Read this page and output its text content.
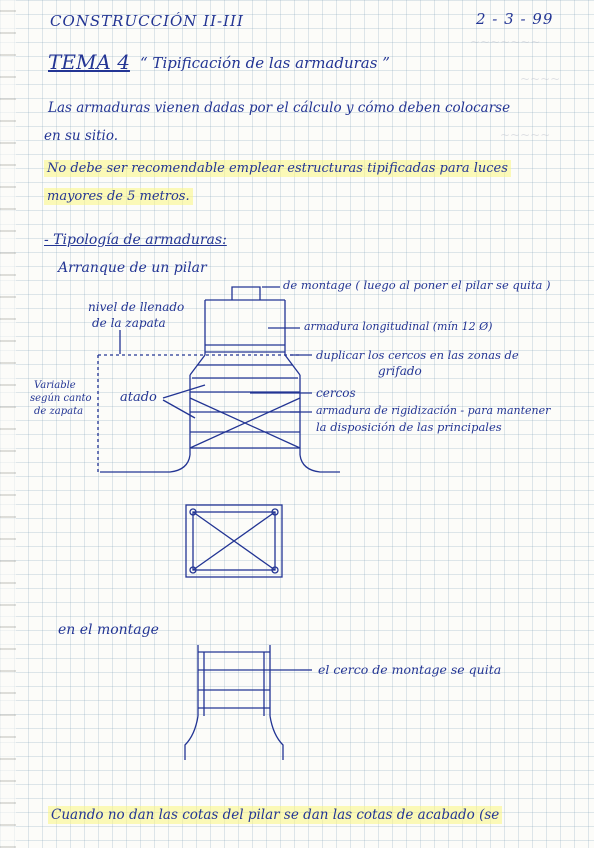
~~~~~~~
~~~~
~~~~~
CONSTRUCCIÓN II-III	2 - 3 - 99
TEMA 4 “ Tipificación de las armaduras ”
Las armaduras vienen dadas por el cálculo y cómo deben colocarse
en su sitio.
No debe ser recomendable emplear estructuras tipificadas para luces
mayores de 5 metros.
- Tipología de armaduras:
Arranque de un pilar
de montage ( luego al poner el pilar se quita )
nivel de llenado
de la zapata	armadura longitudinal (mín 12 Ø)
duplicar los cercos en las zonas de
grifado
Variable
según canto
de zapata
atado	cercos
armadura de rigidización - para mantener
la disposición de las principales
en el montage
el cerco de montage se quita
Cuando no dan las cotas del pilar se dan las cotas de acabado (se
